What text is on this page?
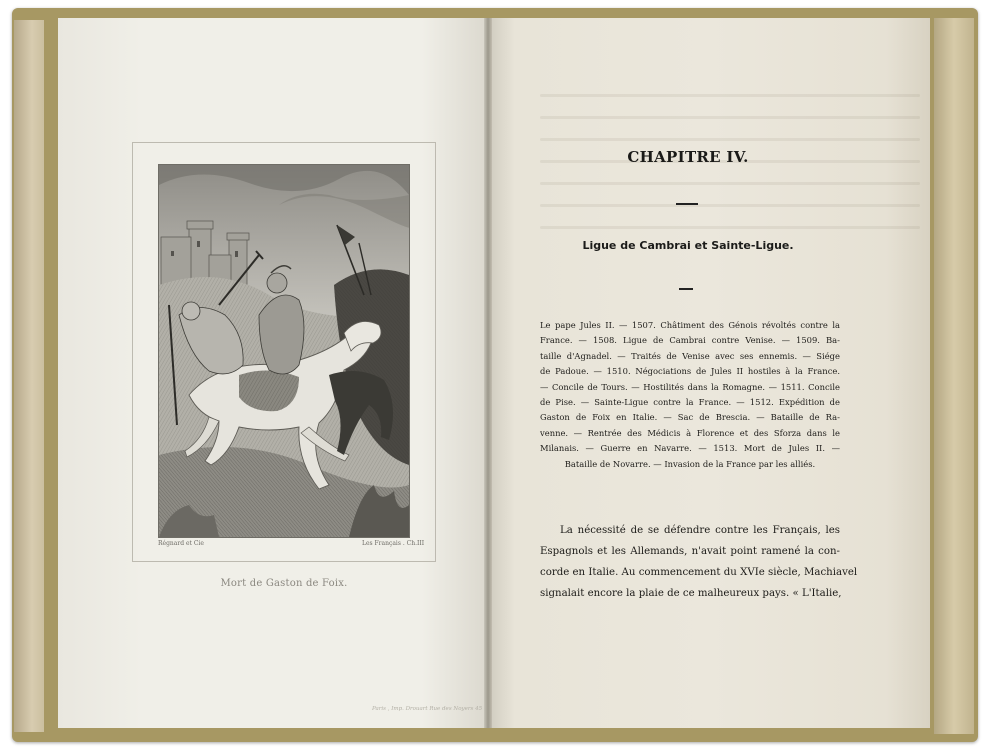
Régnard et Cie	Les Français . Ch.III
Mort de Gaston de Foix.
Paris , Imp. Drouart Rue des Noyers 45
CHAPITRE IV.
Ligue de Cambrai et Sainte-Ligue.
Le pape Jules II. — 1507. Châtiment des Génois révoltés contre la
France. — 1508. Ligue de Cambrai contre Venise. — 1509. Ba-
taille d'Agnadel. — Traités de Venise avec ses ennemis. — Siége
de Padoue. — 1510. Négociations de Jules II hostiles à la France.
— Concile de Tours. — Hostilités dans la Romagne. — 1511. Concile
de Pise. — Sainte-Ligue contre la France. — 1512. Expédition de
Gaston de Foix en Italie. — Sac de Brescia. — Bataille de Ra-
venne. — Rentrée des Médicis à Florence et des Sforza dans le
Milanais. — Guerre en Navarre. — 1513. Mort de Jules II. —
Bataille de Novarre. — Invasion de la France par les alliés.
La nécessité de se défendre contre les Français, les
Espagnols et les Allemands, n'avait point ramené la con-
corde en Italie. Au commencement du XVIe siècle, Machiavel
signalait encore la plaie de ce malheureux pays. « L'Italie,
